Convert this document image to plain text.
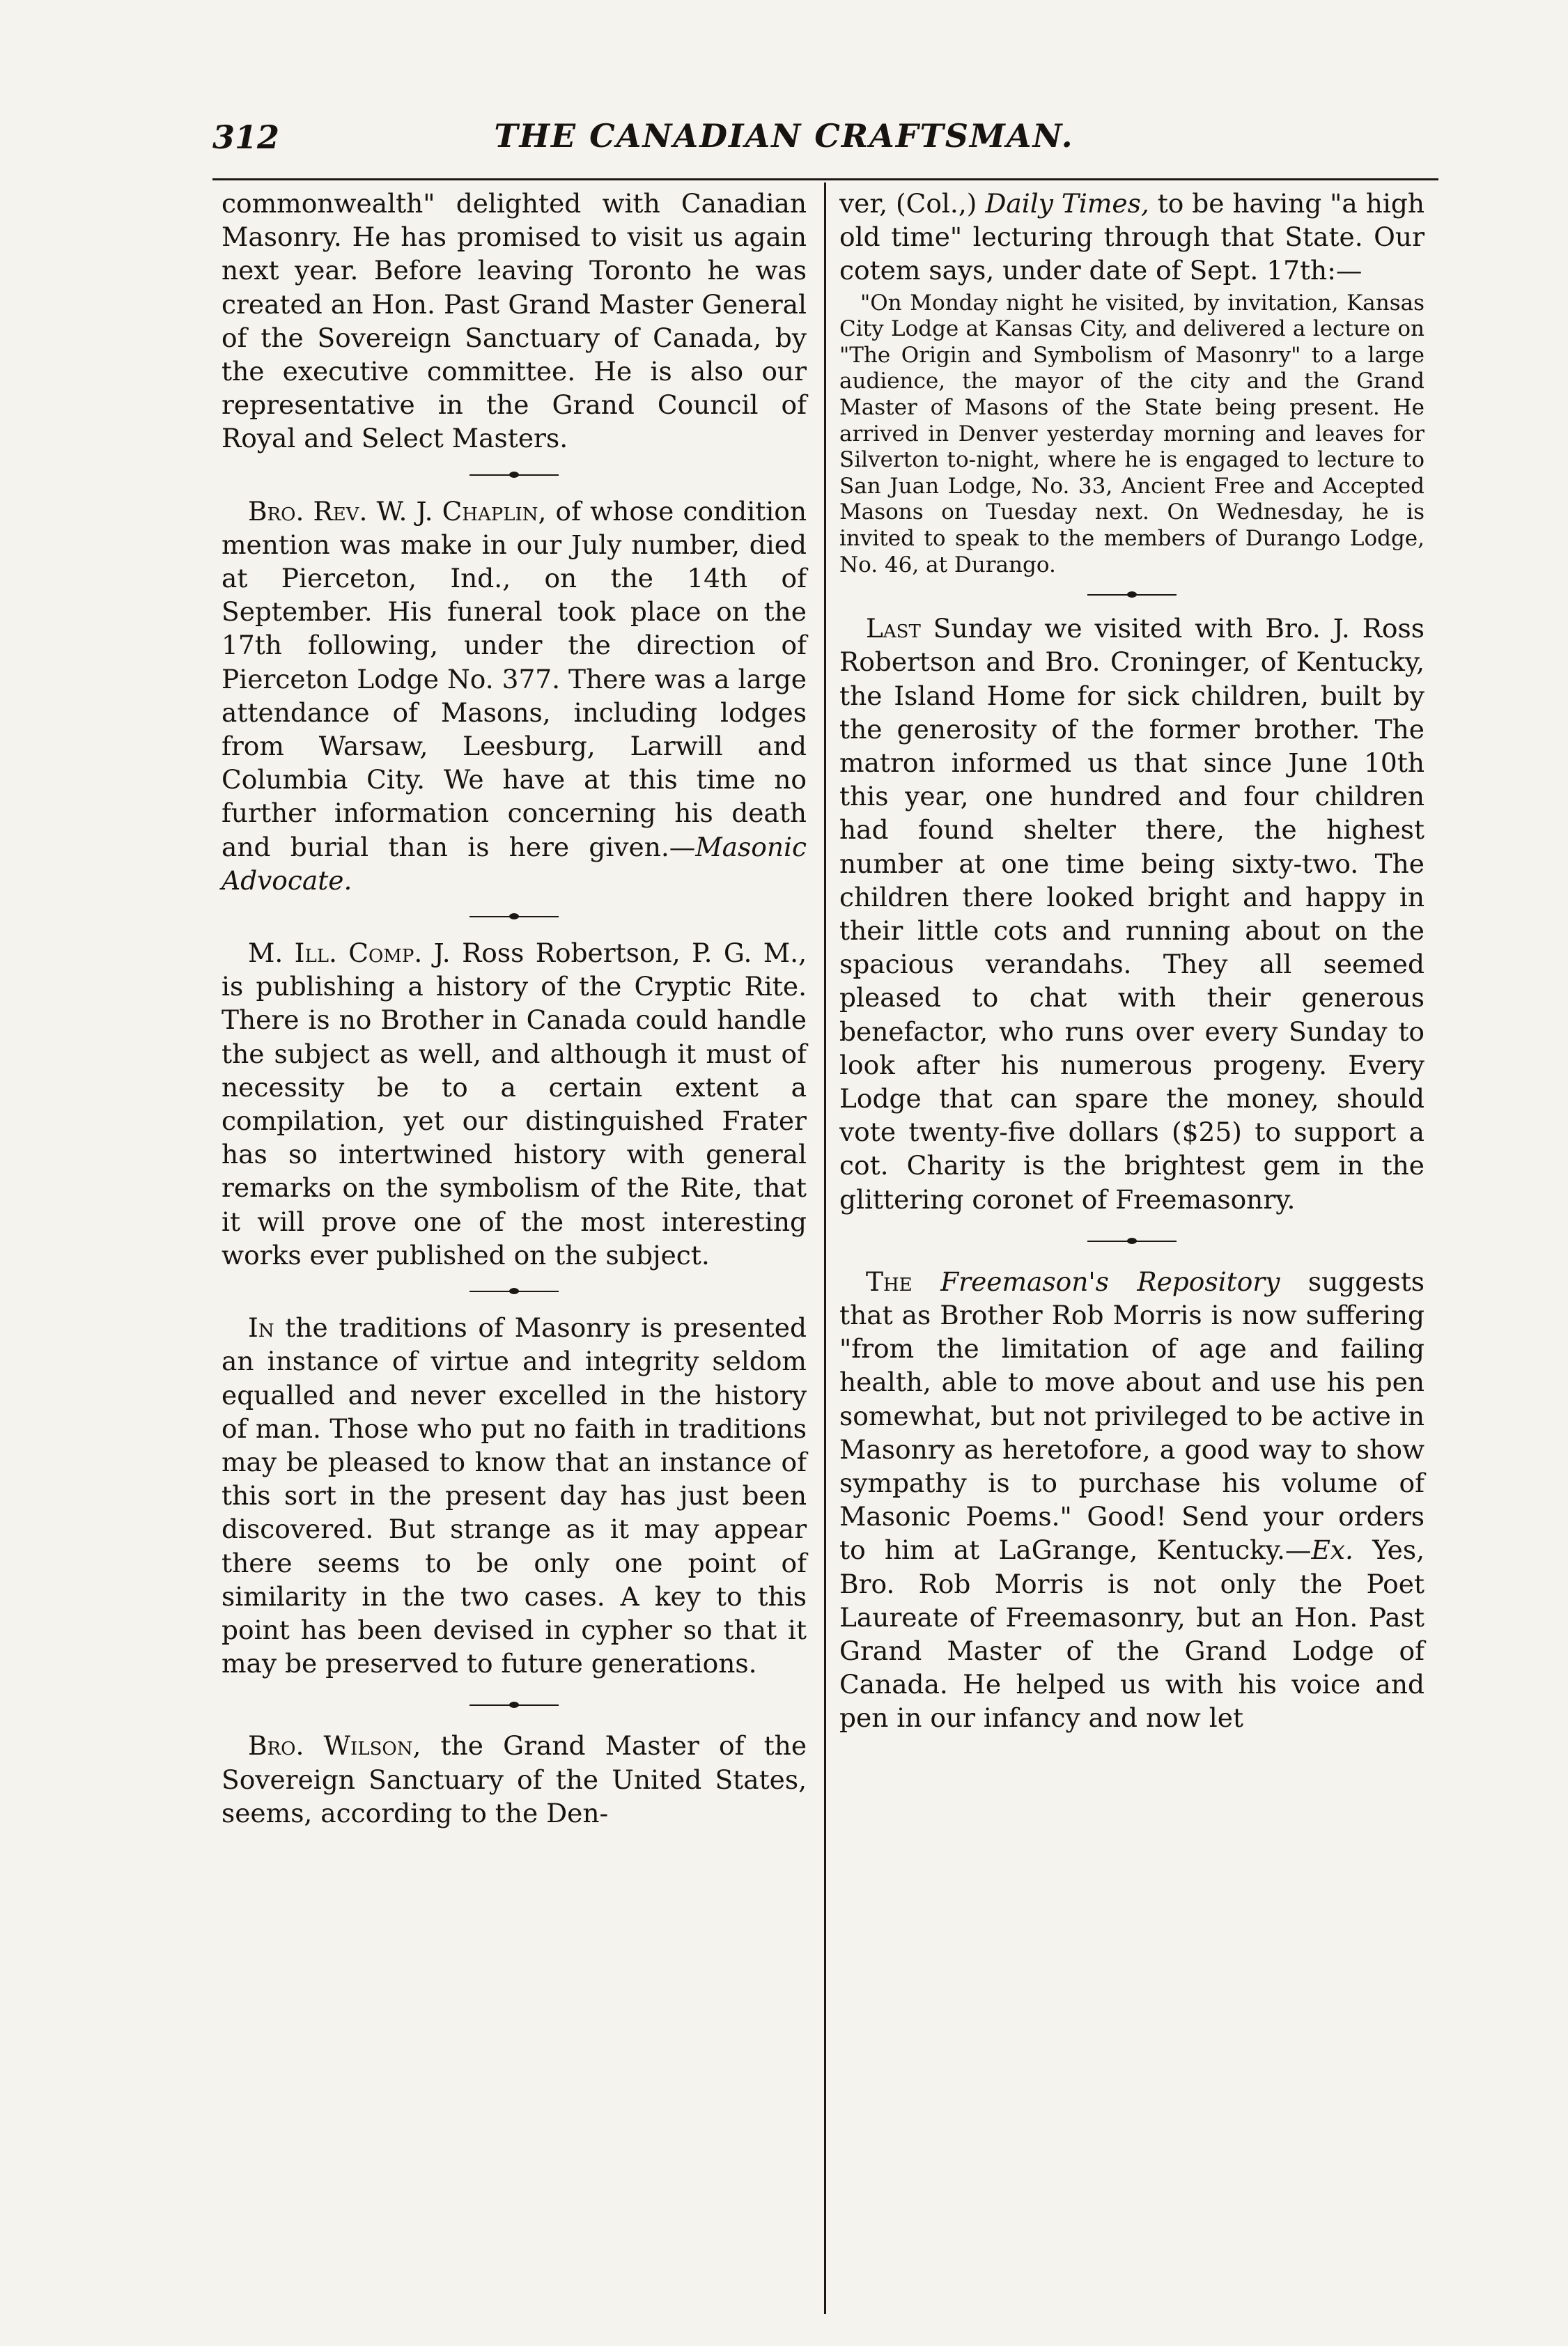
312	THE CANADIAN CRAFTSMAN.

commonwealth" delighted with Canadian Masonry. He has promised to visit us again next year. Before leaving Toronto he was created an Hon. Past Grand Master General of the Sovereign Sanctuary of Canada, by the executive committee. He is also our representative in the Grand Council of Royal and Select Masters.

Bro. Rev. W. J. Chaplin, of whose condition mention was make in our July number, died at Pierceton, Ind., on the 14th of September. His funeral took place on the 17th following, under the direction of Pierceton Lodge No. 377. There was a large attendance of Masons, including lodges from Warsaw, Leesburg, Larwill and Columbia City. We have at this time no further information concerning his death and burial than is here given.—Masonic Advocate.

M. Ill. Comp. J. Ross Robertson, P. G. M., is publishing a history of the Cryptic Rite. There is no Brother in Canada could handle the subject as well, and although it must of necessity be to a certain extent a compilation, yet our distinguished Frater has so intertwined history with general remarks on the symbolism of the Rite, that it will prove one of the most interesting works ever published on the subject.

In the traditions of Masonry is presented an instance of virtue and integrity seldom equalled and never excelled in the history of man. Those who put no faith in traditions may be pleased to know that an instance of this sort in the present day has just been discovered. But strange as it may appear there seems to be only one point of similarity in the two cases. A key to this point has been devised in cypher so that it may be preserved to future generations.

Bro. Wilson, the Grand Master of the Sovereign Sanctuary of the United States, seems, according to the Den-

ver, (Col.,) Daily Times, to be having "a high old time" lecturing through that State. Our cotem says, under date of Sept. 17th:—

"On Monday night he visited, by invitation, Kansas City Lodge at Kansas City, and delivered a lecture on "The Origin and Symbolism of Masonry" to a large audience, the mayor of the city and the Grand Master of Masons of the State being present. He arrived in Denver yesterday morning and leaves for Silverton to-night, where he is engaged to lecture to San Juan Lodge, No. 33, Ancient Free and Accepted Masons on Tuesday next. On Wednesday, he is invited to speak to the members of Durango Lodge, No. 46, at Durango.

Last Sunday we visited with Bro. J. Ross Robertson and Bro. Croninger, of Kentucky, the Island Home for sick children, built by the generosity of the former brother. The matron informed us that since June 10th this year, one hundred and four children had found shelter there, the highest number at one time being sixty-two. The children there looked bright and happy in their little cots and running about on the spacious verandahs. They all seemed pleased to chat with their generous benefactor, who runs over every Sunday to look after his numerous progeny. Every Lodge that can spare the money, should vote twenty-five dollars ($25) to support a cot. Charity is the brightest gem in the glittering coronet of Freemasonry.

The Freemason's Repository suggests that as Brother Rob Morris is now suffering "from the limitation of age and failing health, able to move about and use his pen somewhat, but not privileged to be active in Masonry as heretofore, a good way to show sympathy is to purchase his volume of Masonic Poems." Good! Send your orders to him at LaGrange, Kentucky.—Ex. Yes, Bro. Rob Morris is not only the Poet Laureate of Freemasonry, but an Hon. Past Grand Master of the Grand Lodge of Canada. He helped us with his voice and pen in our infancy and now let
